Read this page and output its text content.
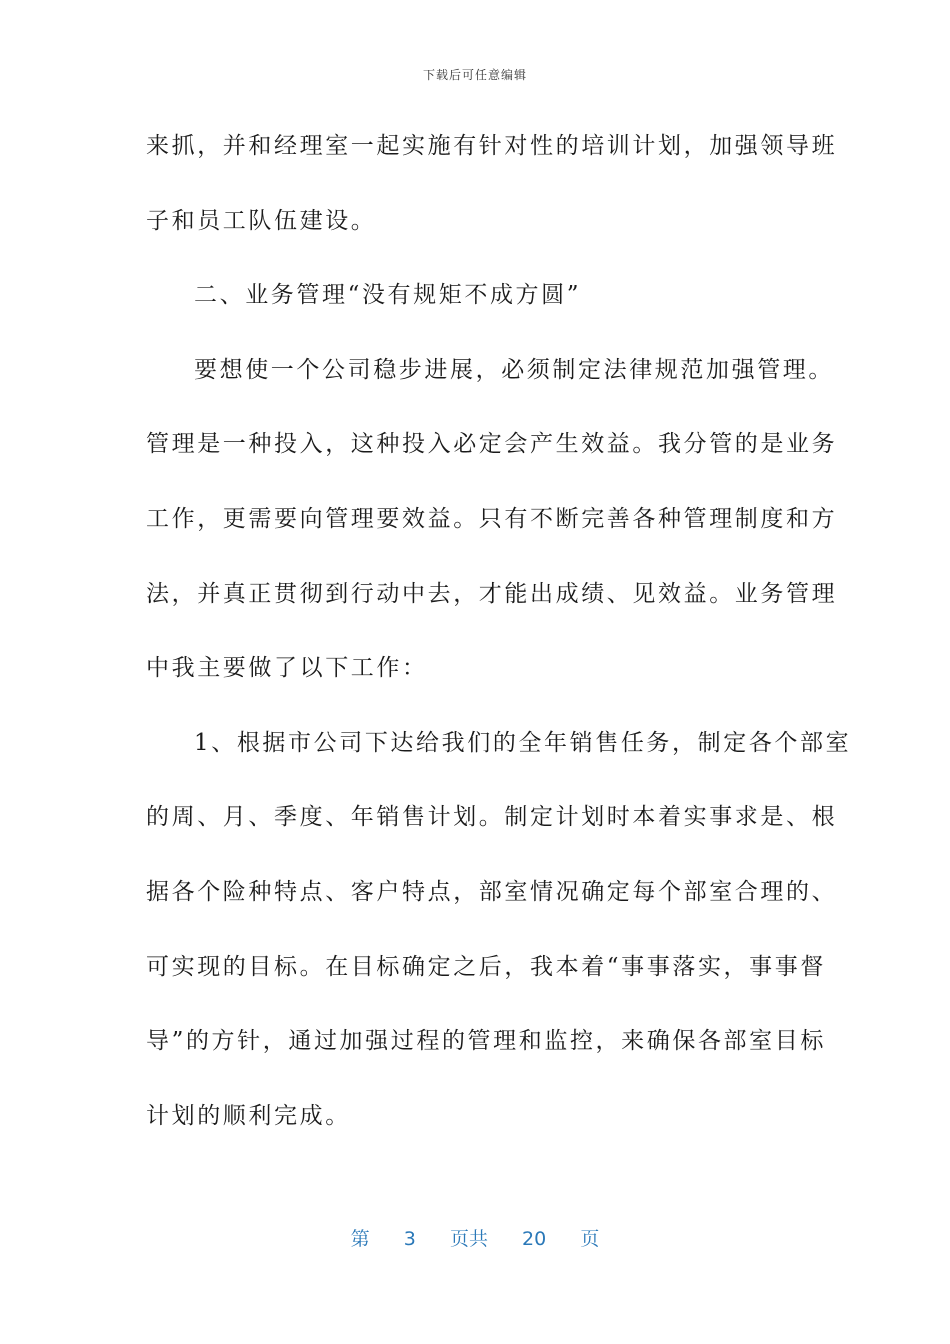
下载后可任意编辑
来抓，并和经理室一起实施有针对性的培训计划，加强领导班
子和员工队伍建设。
二、业务管理“没有规矩不成方圆”
要想使一个公司稳步进展，必须制定法律规范加强管理。
管理是一种投入，这种投入必定会产生效益。我分管的是业务
工作，更需要向管理要效益。只有不断完善各种管理制度和方
法，并真正贯彻到行动中去，才能出成绩、见效益。业务管理
中我主要做了以下工作：
1、根据市公司下达给我们的全年销售任务，制定各个部室
的周、月、季度、年销售计划。制定计划时本着实事求是、根
据各个险种特点、客户特点，部室情况确定每个部室合理的、
可实现的目标。在目标确定之后，我本着“事事落实，事事督
导”的方针，通过加强过程的管理和监控，来确保各部室目标
计划的顺利完成。
第 3 页共 20 页
